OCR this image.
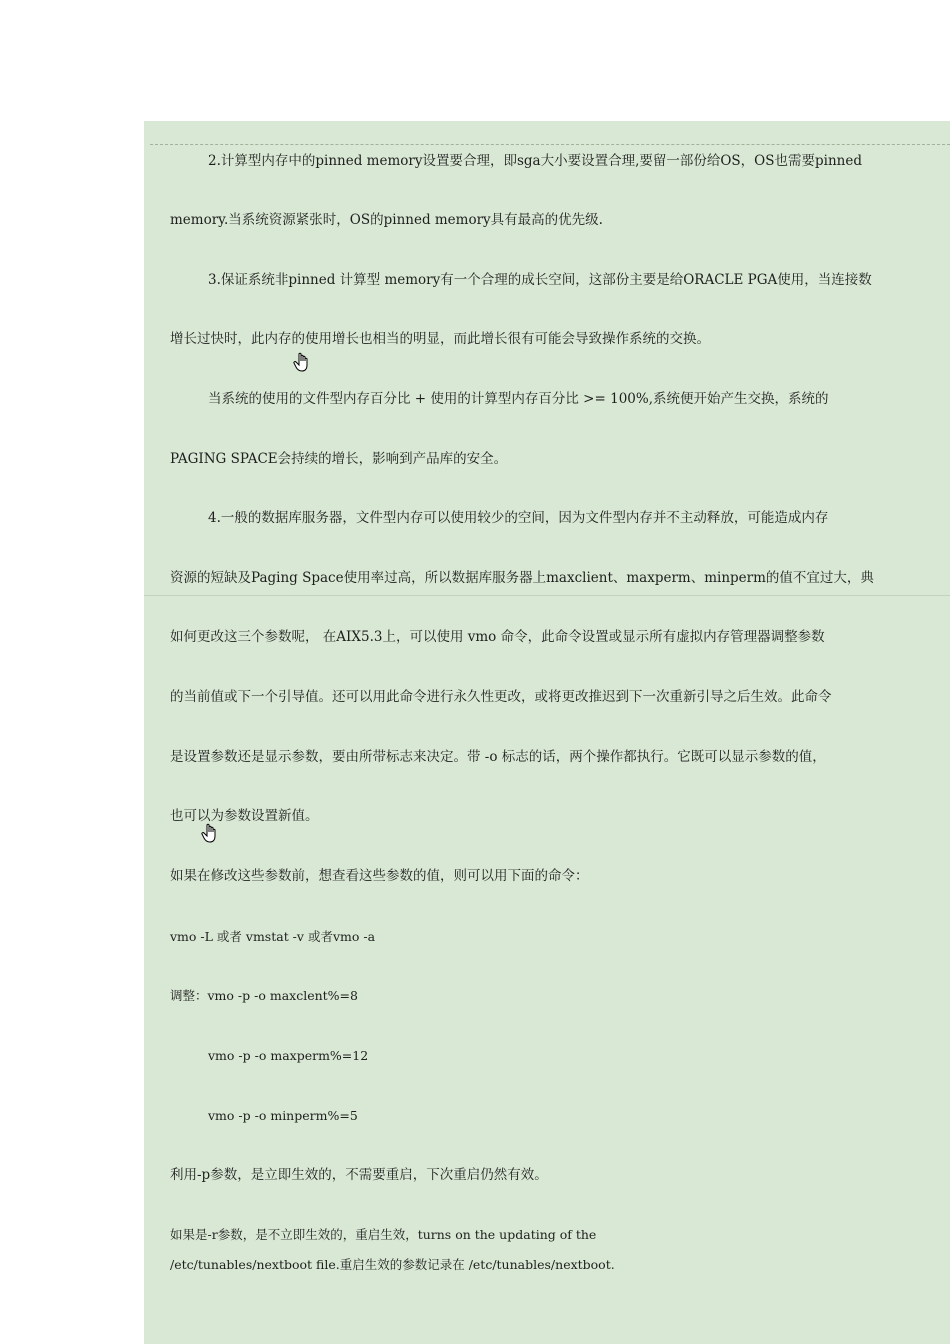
2.计算型内存中的pinned memory设置要合理，即sga大小要设置合理,要留一部份给OS，OS也需要pinned
memory.当系统资源紧张时，OS的pinned memory具有最高的优先级.
3.保证系统非pinned 计算型 memory有一个合理的成长空间，这部份主要是给ORACLE PGA使用，当连接数
增长过快时，此内存的使用增长也相当的明显，而此增长很有可能会导致操作系统的交换。
当系统的使用的文件型内存百分比 + 使用的计算型内存百分比 >= 100%,系统便开始产生交换，系统的
PAGING SPACE会持续的增长，影响到产品库的安全。
4.一般的数据库服务器，文件型内存可以使用较少的空间，因为文件型内存并不主动释放，可能造成内存
资源的短缺及Paging Space使用率过高，所以数据库服务器上maxclient、maxperm、minperm的值不宜过大，典
如何更改这三个参数呢， 在AIX5.3上，可以使用 vmo 命令，此命令设置或显示所有虚拟内存管理器调整参数
的当前值或下一个引导值。还可以用此命令进行永久性更改，或将更改推迟到下一次重新引导之后生效。此命令
是设置参数还是显示参数，要由所带标志来决定。带 -o 标志的话，两个操作都执行。它既可以显示参数的值，
也可以为参数设置新值。
如果在修改这些参数前，想查看这些参数的值，则可以用下面的命令：
vmo -L 或者 vmstat -v 或者vmo -a
调整：vmo -p -o maxclent%=8
vmo -p -o maxperm%=12
vmo -p -o minperm%=5
利用-p参数，是立即生效的，不需要重启，下次重启仍然有效。
如果是-r参数，是不立即生效的，重启生效，turns on the updating of the
/etc/tunables/nextboot file.重启生效的参数记录在 /etc/tunables/nextboot.
